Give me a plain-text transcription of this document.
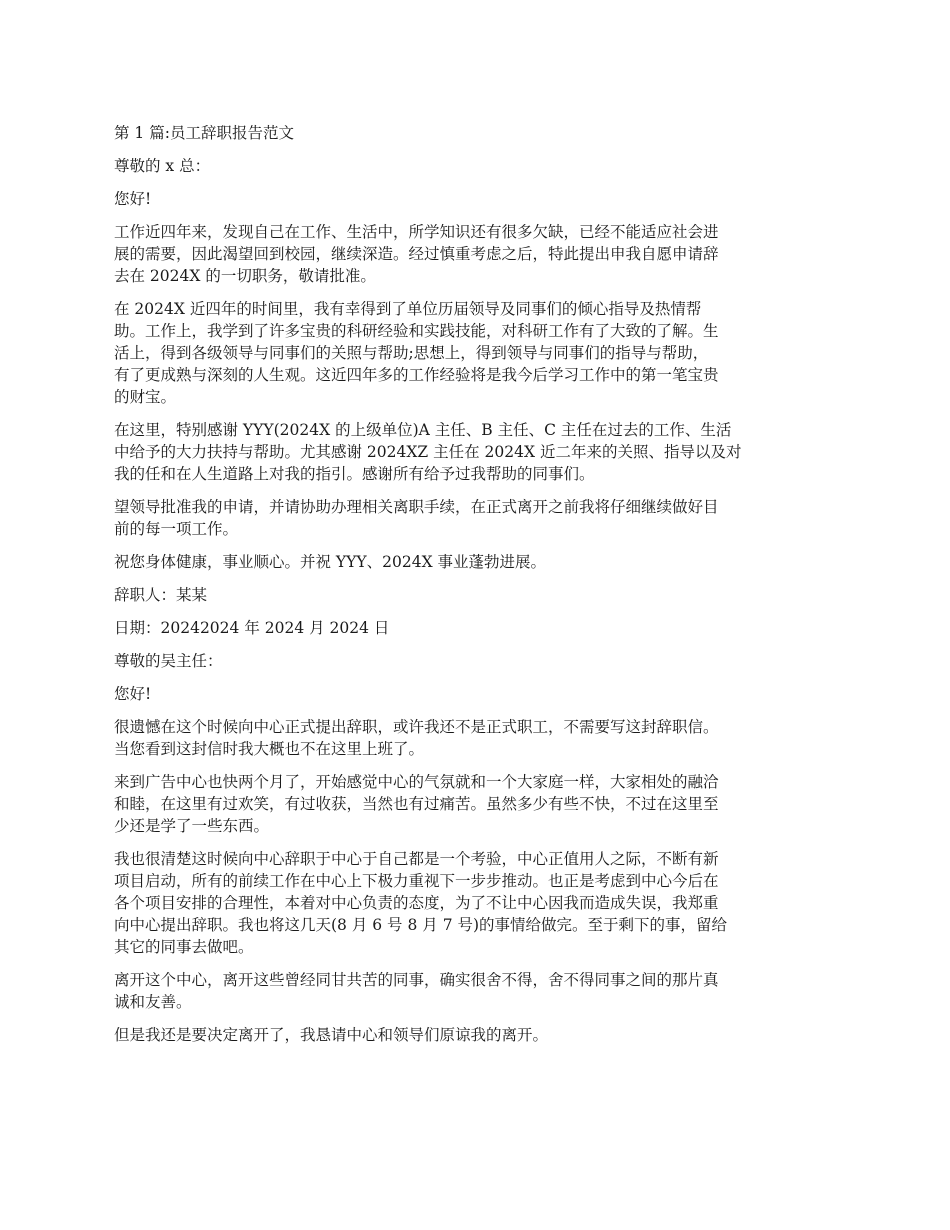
第 1 篇:员工辞职报告范文

尊敬的 x 总：

您好!

工作近四年来，发现自己在工作、生活中，所学知识还有很多欠缺，已经不能适应社会进
展的需要，因此渴望回到校园，继续深造。经过慎重考虑之后，特此提出申我自愿申请辞
去在 2024X 的一切职务，敬请批准。

在 2024X 近四年的时间里，我有幸得到了单位历届领导及同事们的倾心指导及热情帮
助。工作上，我学到了许多宝贵的科研经验和实践技能，对科研工作有了大致的了解。生
活上，得到各级领导与同事们的关照与帮助;思想上，得到领导与同事们的指导与帮助，
有了更成熟与深刻的人生观。这近四年多的工作经验将是我今后学习工作中的第一笔宝贵
的财宝。

在这里，特别感谢 YYY(2024X 的上级单位)A 主任、B 主任、C 主任在过去的工作、生活
中给予的大力扶持与帮助。尤其感谢 2024XZ 主任在 2024X 近二年来的关照、指导以及对
我的任和在人生道路上对我的指引。感谢所有给予过我帮助的同事们。

望领导批准我的申请，并请协助办理相关离职手续，在正式离开之前我将仔细继续做好目
前的每一项工作。

祝您身体健康，事业顺心。并祝 YYY、2024X 事业蓬勃进展。

辞职人：某某

日期：20242024 年 2024 月 2024 日

尊敬的吴主任：

您好!

很遗憾在这个时候向中心正式提出辞职，或许我还不是正式职工，不需要写这封辞职信。
当您看到这封信时我大概也不在这里上班了。

来到广告中心也快两个月了，开始感觉中心的气氛就和一个大家庭一样，大家相处的融洽
和睦，在这里有过欢笑，有过收获，当然也有过痛苦。虽然多少有些不快，不过在这里至
少还是学了一些东西。

我也很清楚这时候向中心辞职于中心于自己都是一个考验，中心正值用人之际，不断有新
项目启动，所有的前续工作在中心上下极力重视下一步步推动。也正是考虑到中心今后在
各个项目安排的合理性，本着对中心负责的态度，为了不让中心因我而造成失误，我郑重
向中心提出辞职。我也将这几天(8 月 6 号 8 月 7 号)的事情给做完。至于剩下的事，留给
其它的同事去做吧。

离开这个中心，离开这些曾经同甘共苦的同事，确实很舍不得，舍不得同事之间的那片真
诚和友善。

但是我还是要决定离开了，我恳请中心和领导们原谅我的离开。
